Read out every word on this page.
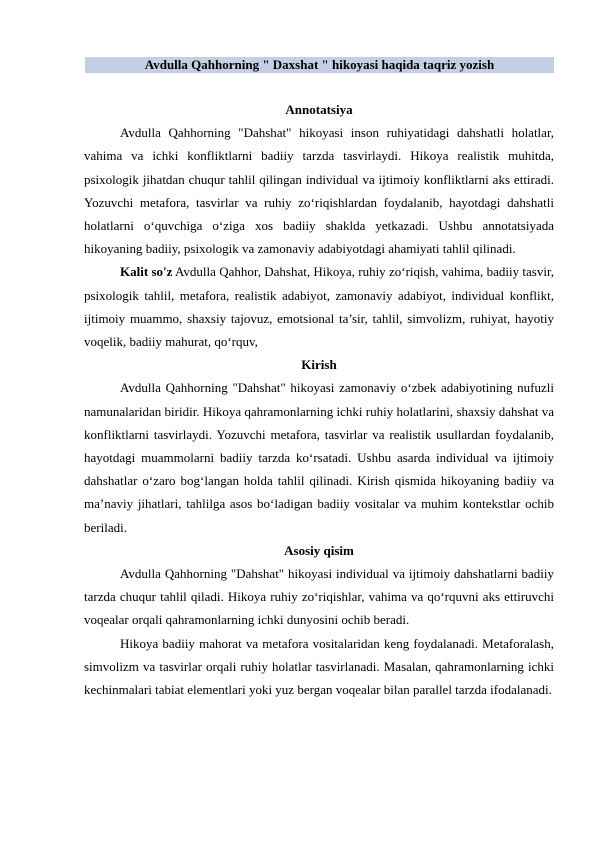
Avdulla Qahhorning " Daxshat " hikoyasi haqida taqriz yozish
Annotatsiya

Avdulla Qahhorning "Dahshat" hikoyasi inson ruhiyatidagi dahshatli holatlar, vahima va ichki konfliktlarni badiiy tarzda tasvirlaydi. Hikoya realistik muhitda, psixologik jihatdan chuqur tahlil qilingan individual va ijtimoiy konfliktlarni aks ettiradi. Yozuvchi metafora, tasvirlar va ruhiy zo‘riqishlardan foydalanib, hayotdagi dahshatli holatlarni o‘quvchiga o‘ziga xos badiiy shaklda yetkazadi. Ushbu annotatsiyada hikoyaning badiiy, psixologik va zamonaviy adabiyotdagi ahamiyati tahlil qilinadi.

Kalit so'z Avdulla Qahhor, Dahshat, Hikoya, ruhiy zo‘riqish, vahima, badiiy tasvir, psixologik tahlil, metafora, realistik adabiyot, zamonaviy adabiyot, individual konflikt, ijtimoiy muammo, shaxsiy tajovuz, emotsional ta’sir, tahlil, simvolizm, ruhiyat, hayotiy voqelik, badiiy mahurat, qo‘rquv,

Kirish

Avdulla Qahhorning "Dahshat" hikoyasi zamonaviy o‘zbek adabiyotining nufuzli namunalaridan biridir. Hikoya qahramonlarning ichki ruhiy holatlarini, shaxsiy dahshat va konfliktlarni tasvirlaydi. Yozuvchi metafora, tasvirlar va realistik usullardan foydalanib, hayotdagi muammolarni badiiy tarzda ko‘rsatadi. Ushbu asarda individual va ijtimoiy dahshatlar o‘zaro bog‘langan holda tahlil qilinadi. Kirish qismida hikoyaning badiiy va ma’naviy jihatlari, tahlilga asos bo‘ladigan badiiy vositalar va muhim kontekstlar ochib beriladi.

Asosiy qisim

Avdulla Qahhorning "Dahshat" hikoyasi individual va ijtimoiy dahshatlarni badiiy tarzda chuqur tahlil qiladi. Hikoya ruhiy zo‘riqishlar, vahima va qo‘rquvni aks ettiruvchi voqealar orqali qahramonlarning ichki dunyosini ochib beradi.

Hikoya badiiy mahorat va metafora vositalaridan keng foydalanadi. Metaforalash, simvolizm va tasvirlar orqali ruhiy holatlar tasvirlanadi. Masalan, qahramonlarning ichki kechinmalari tabiat elementlari yoki yuz bergan voqealar bilan parallel tarzda ifodalanadi.
